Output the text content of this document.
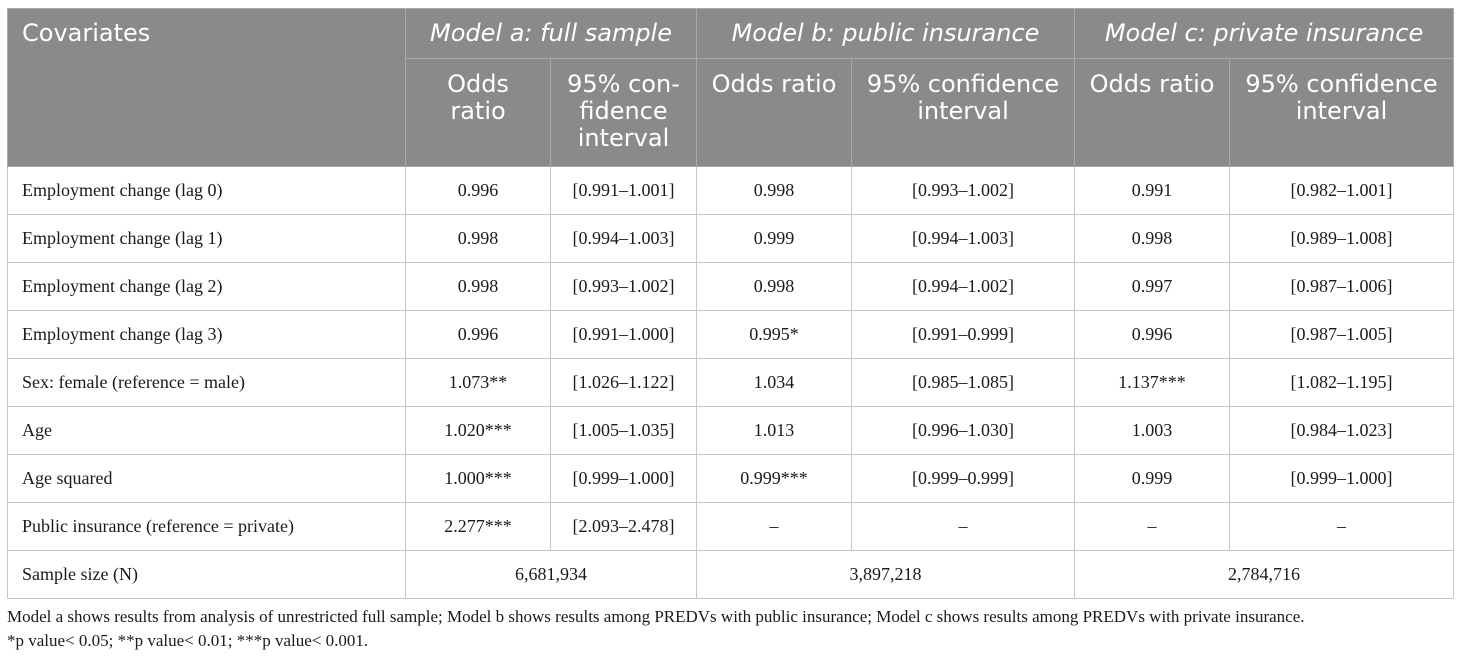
Covariates	Model a: full sample		Model b: public insurance		Model c: private insurance	
	Odds ratio	95% con-fidence interval	Odds ratio	95% confidence interval	Odds ratio	95% confidence interval
Employment change (lag 0)	0.996	[0.991–1.001]	0.998	[0.993–1.002]	0.991	[0.982–1.001]
Employment change (lag 1)	0.998	[0.994–1.003]	0.999	[0.994–1.003]	0.998	[0.989–1.008]
Employment change (lag 2)	0.998	[0.993–1.002]	0.998	[0.994–1.002]	0.997	[0.987–1.006]
Employment change (lag 3)	0.996	[0.991–1.000]	0.995*	[0.991–0.999]	0.996	[0.987–1.005]
Sex: female (reference = male)	1.073**	[1.026–1.122]	1.034	[0.985–1.085]	1.137***	[1.082–1.195]
Age	1.020***	[1.005–1.035]	1.013	[0.996–1.030]	1.003	[0.984–1.023]
Age squared	1.000***	[0.999–1.000]	0.999***	[0.999–0.999]	0.999	[0.999–1.000]
Public insurance (reference = private)	2.277***	[2.093–2.478]	–	–	–	–
Sample size (N)	6,681,934		3,897,218		2,784,716	
Model a shows results from analysis of unrestricted full sample; Model b shows results among PREDVs with public insurance; Model c shows results among PREDVs with private insurance.
*p value< 0.05; **p value< 0.01; ***p value< 0.001.
